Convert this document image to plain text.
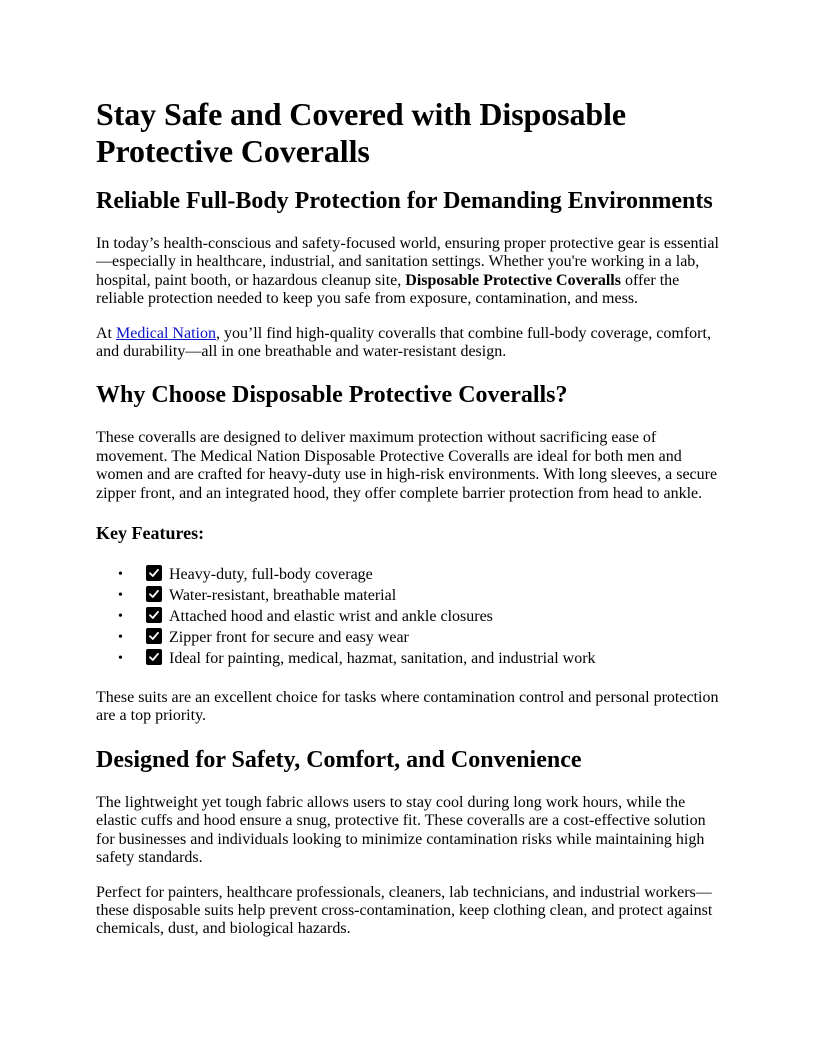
Stay Safe and Covered with Disposable Protective Coveralls
Reliable Full-Body Protection for Demanding Environments

In today’s health-conscious and safety-focused world, ensuring proper protective gear is essential—especially in healthcare, industrial, and sanitation settings. Whether you're working in a lab, hospital, paint booth, or hazardous cleanup site, Disposable Protective Coveralls offer the reliable protection needed to keep you safe from exposure, contamination, and mess.

At Medical Nation, you’ll find high-quality coveralls that combine full-body coverage, comfort, and durability—all in one breathable and water-resistant design.

Why Choose Disposable Protective Coveralls?

These coveralls are designed to deliver maximum protection without sacrificing ease of movement. The Medical Nation Disposable Protective Coveralls are ideal for both men and women and are crafted for heavy-duty use in high-risk environments. With long sleeves, a secure zipper front, and an integrated hood, they offer complete barrier protection from head to ankle.

Key Features:
•	Heavy-duty, full-body coverage
•	Water-resistant, breathable material
•	Attached hood and elastic wrist and ankle closures
•	Zipper front for secure and easy wear
•	Ideal for painting, medical, hazmat, sanitation, and industrial work

These suits are an excellent choice for tasks where contamination control and personal protection are a top priority.

Designed for Safety, Comfort, and Convenience

The lightweight yet tough fabric allows users to stay cool during long work hours, while the elastic cuffs and hood ensure a snug, protective fit. These coveralls are a cost-effective solution for businesses and individuals looking to minimize contamination risks while maintaining high safety standards.

Perfect for painters, healthcare professionals, cleaners, lab technicians, and industrial workers—these disposable suits help prevent cross-contamination, keep clothing clean, and protect against chemicals, dust, and biological hazards.
